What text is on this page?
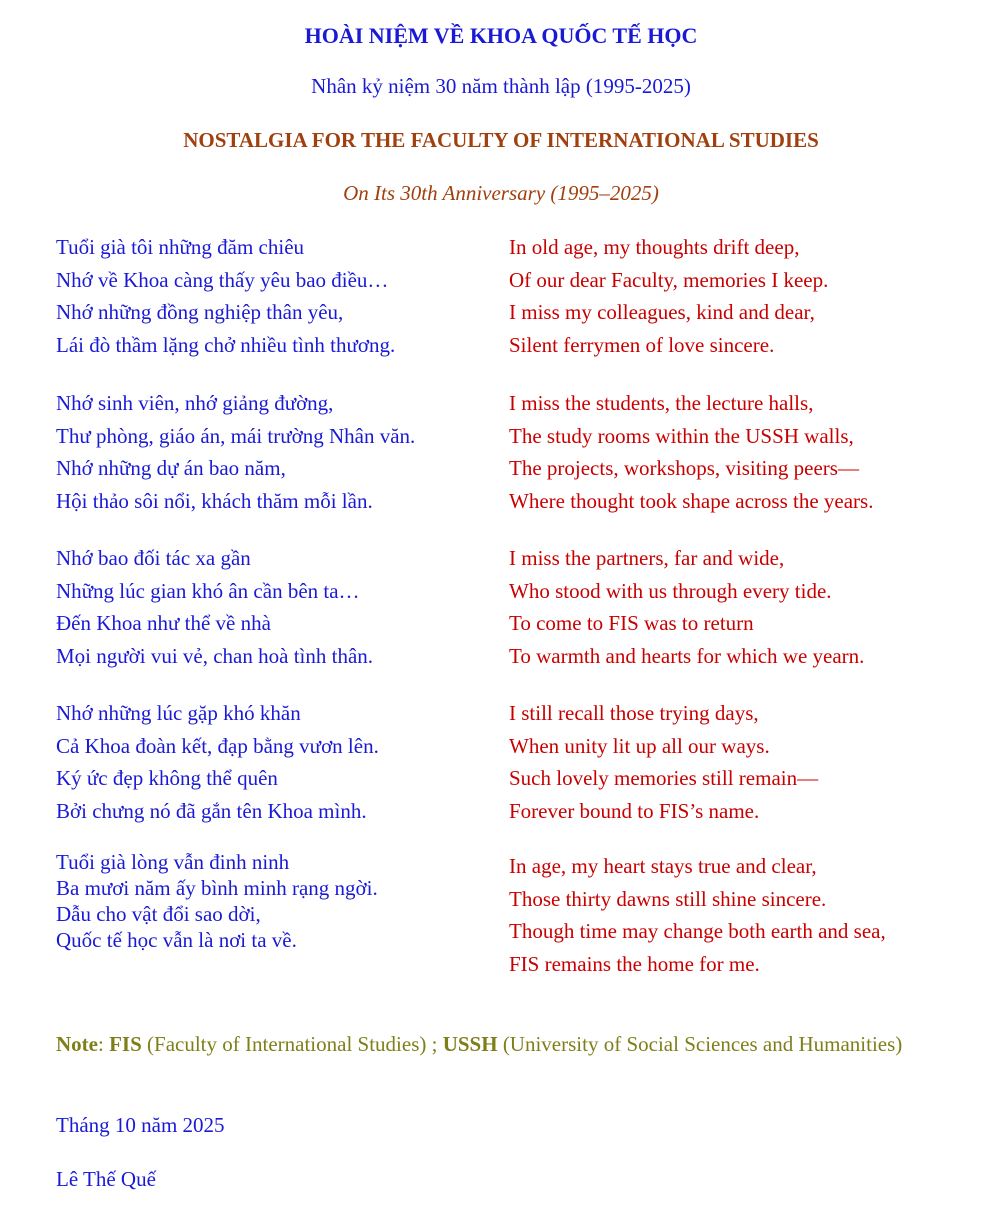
HOÀI NIỆM VỀ KHOA QUỐC TẾ HỌC
Nhân kỷ niệm 30 năm thành lập (1995-2025)
NOSTALGIA FOR THE FACULTY OF INTERNATIONAL STUDIES
On Its 30th Anniversary (1995–2025)
Tuổi già tôi những đăm chiêu
Nhớ về Khoa càng thấy yêu bao điều…
Nhớ những đồng nghiệp thân yêu,
Lái đò thầm lặng chở nhiều tình thương.
Nhớ sinh viên, nhớ giảng đường,
Thư phòng, giáo án, mái trường Nhân văn.
Nhớ những dự án bao năm,
Hội thảo sôi nổi, khách thăm mỗi lần.
Nhớ bao đối tác xa gần
Những lúc gian khó ân cần bên ta…
Đến Khoa như thể về nhà
Mọi người vui vẻ, chan hoà tình thân.
Nhớ những lúc gặp khó khăn
Cả Khoa đoàn kết, đạp bằng vươn lên.
Ký ức đẹp không thể quên
Bởi chưng nó đã gắn tên Khoa mình.
Tuổi già lòng vẫn đinh ninh
Ba mươi năm ấy bình minh rạng ngời.
Dẫu cho vật đổi sao dời,
Quốc tế học vẫn là nơi ta về.
In old age, my thoughts drift deep,
Of our dear Faculty, memories I keep.
I miss my colleagues, kind and dear,
Silent ferrymen of love sincere.
I miss the students, the lecture halls,
The study rooms within the USSH walls,
The projects, workshops, visiting peers—
Where thought took shape across the years.
I miss the partners, far and wide,
Who stood with us through every tide.
To come to FIS was to return
To warmth and hearts for which we yearn.
I still recall those trying days,
When unity lit up all our ways.
Such lovely memories still remain—
Forever bound to FIS’s name.
In age, my heart stays true and clear,
Those thirty dawns still shine sincere.
Though time may change both earth and sea,
FIS remains the home for me.
Note: FIS (Faculty of International Studies) ; USSH (University of Social Sciences and Humanities)
Tháng 10 năm 2025
Lê Thế Quế
